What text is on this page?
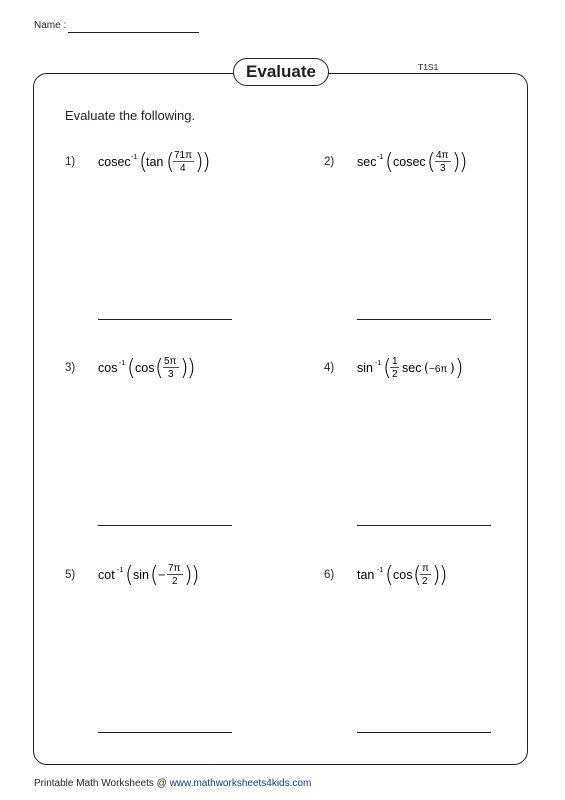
Name :
Evaluate	T1S1
Evaluate the following.
1) cosec -1 (
tan ( 71π
4 )
)	2) sec -1 ( cosec ( 4π
3 )
)
3) cos -1 ( cos ( 5π
3 )
)	4) sin -1 ( 1
2 sec ( −6π ) )
5) cot -1 ( sin ( − 7π
2 )
)	6) tan -1 ( cos ( π
2 )
)
Printable Math Worksheets @ www.mathworksheets4kids.com
